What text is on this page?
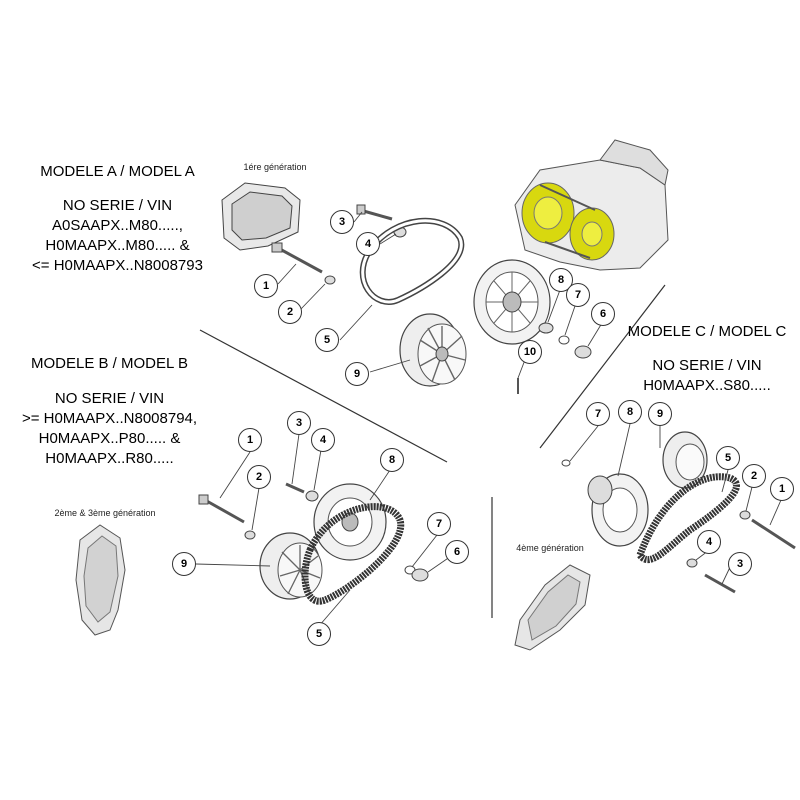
MODELE A / MODEL A
NO SERIE / VIN
A0SAAPX..M80.....,
H0MAAPX..M80..... &
<= H0MAAPX..N8008793
1ére génération
MODELE B / MODEL B
NO SERIE / VIN
>= H0MAAPX..N8008794,
H0MAAPX..P80..... &
H0MAAPX..R80.....
2ème & 3ème génération
MODELE C / MODEL C
NO SERIE / VIN
H0MAAPX..S80.....
4ème génération
3
4
1
2
5
8
7
6
10
9
1
2
3
4
8
9
7
6
5
7	8	9
5
2
1
4
3
